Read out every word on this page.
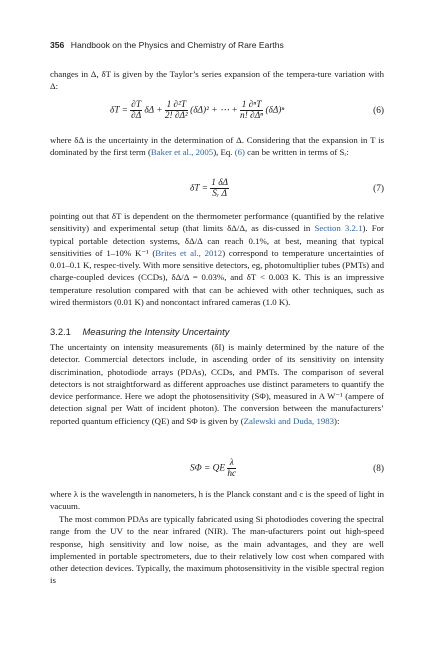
356 Handbook on the Physics and Chemistry of Rare Earths
changes in Δ, δT is given by the Taylor’s series expansion of the tempera-ture variation with Δ:
$\delta T = \frac{\partial T}{\partial\Delta}$ $\delta\Delta + \frac{\text{1 ∂²T}}{\text{2! ∂Δ²}} (\delta\Delta)^2$ + ⋯ + $\frac{\text{1 ∂ⁿT}}{\text{n! ∂Δⁿ}} (\delta\Delta)^n$	(6)
where δΔ is the uncertainty in the determination of Δ. Considering that the expansion in T is dominated by the first term (Baker et al., 2005), Eq. (6) can be written in terms of Sᵣ:
$\delta T = \frac{1 \delta\Delta}{\text{Sᵣ Δ}}$	(7)
pointing out that δT is dependent on the thermometer performance (quantified by the relative sensitivity) and experimental setup (that limits δΔ/Δ, as dis-cussed in Section 3.2.1). For typical portable detection systems, δΔ/Δ can reach 0.1%, at best, meaning that typical sensitivities of 1–10% K⁻¹ (Brites et al., 2012) correspond to temperature uncertainties of 0.01–0.1 K, respec-tively. With more sensitive detectors, eg, photomultiplier tubes (PMTs) and charge-coupled devices (CCDs), δΔ/Δ = 0.03%, and δT < 0.003 K. This is an impressive temperature resolution compared with that can be achieved with other techniques, such as wired thermistors (0.01 K) and noncontact infrared cameras (1.0 K).
3.2.1 Measuring the Intensity Uncertainty
The uncertainty on intensity measurements (δI) is mainly determined by the nature of the detector. Commercial detectors include, in ascending order of its sensitivity on intensity discrimination, photodiode arrays (PDAs), CCDs, and PMTs. The comparison of several detectors is not straightforward as different approaches use distinct parameters to quantify the device performance. Here we adopt the photosensitivity (SΦ), measured in A W⁻¹ (ampere of detection signal per Watt of incident photon). The conversion between the manufacturers’ reported quantum efficiency (QE) and SΦ is given by (Zalewski and Duda, 1983):
SΦ = QE $\frac{\lambda}{hc}$	(8)
where λ is the wavelength in nanometers, h is the Planck constant and c is the speed of light in vacuum.
The most common PDAs are typically fabricated using Si photodiodes covering the spectral range from the UV to the near infrared (NIR). The man-ufacturers point out high-speed response, high sensitivity and low noise, as the main advantages, and they are well implemented in portable spectrometers, due to their relatively low cost when compared with other detection devices. Typically, the maximum photosensitivity in the visible spectral region is
